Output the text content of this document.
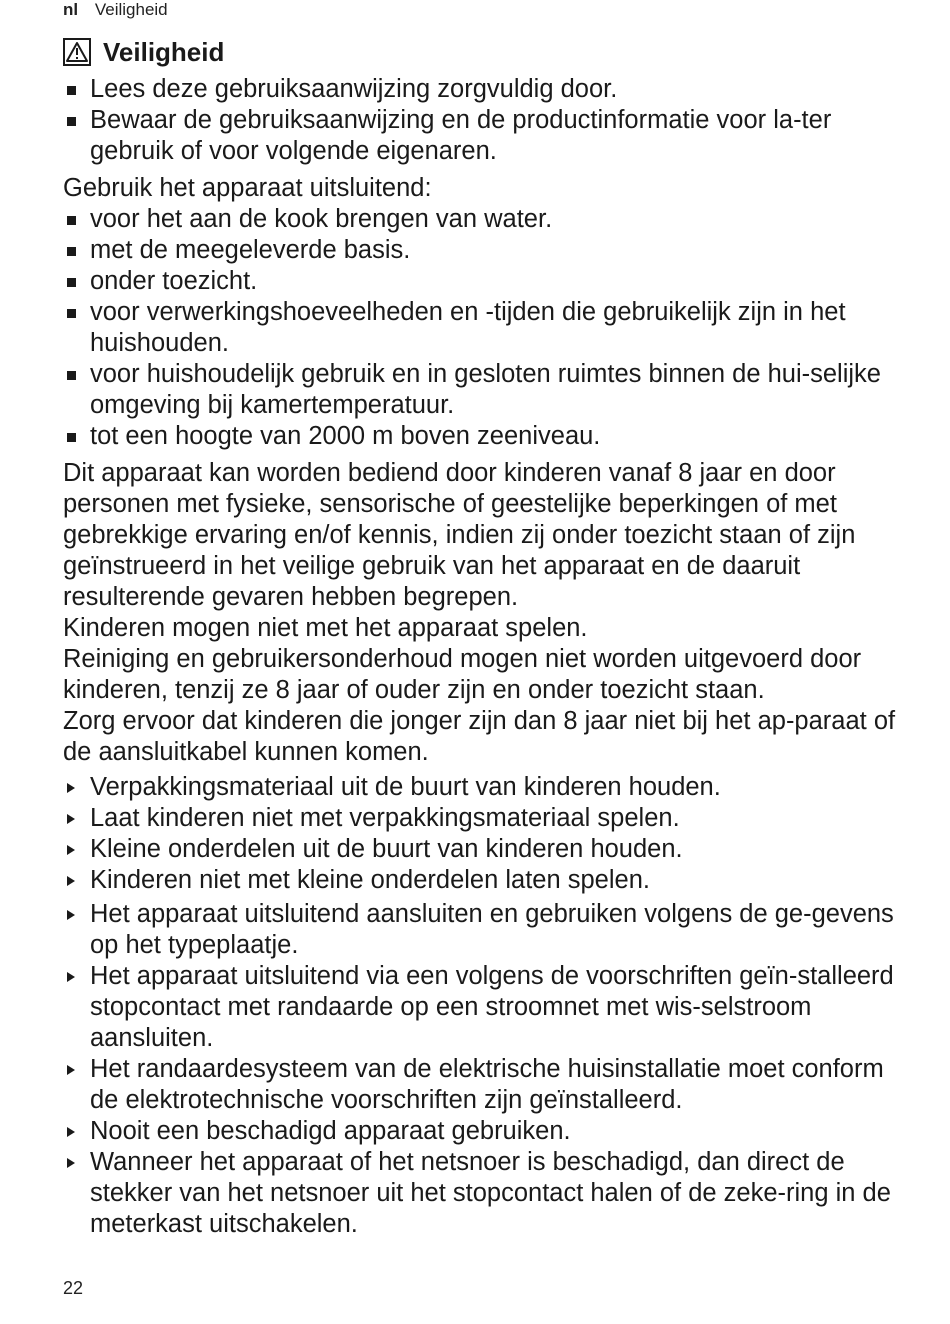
nl Veiligheid
Veiligheid
Lees deze gebruiksaanwijzing zorgvuldig door.
Bewaar de gebruiksaanwijzing en de productinformatie voor la-ter gebruik of voor volgende eigenaren.

Gebruik het apparaat uitsluitend:

voor het aan de kook brengen van water.
met de meegeleverde basis.
onder toezicht.
voor verwerkingshoeveelheden en -tijden die gebruikelijk zijn in het huishouden.
voor huishoudelijk gebruik en in gesloten ruimtes binnen de hui-selijke omgeving bij kamertemperatuur.
tot een hoogte van 2000 m boven zeeniveau.

Dit apparaat kan worden bediend door kinderen vanaf 8 jaar en door personen met fysieke, sensorische of geestelijke beperkingen of met gebrekkige ervaring en/of kennis, indien zij onder toezicht staan of zijn geïnstrueerd in het veilige gebruik van het apparaat en de daaruit resulterende gevaren hebben begrepen.

Kinderen mogen niet met het apparaat spelen.

Reiniging en gebruikersonderhoud mogen niet worden uitgevoerd door kinderen, tenzij ze 8 jaar of ouder zijn en onder toezicht staan.

Zorg ervoor dat kinderen die jonger zijn dan 8 jaar niet bij het ap-paraat of de aansluitkabel kunnen komen.

Verpakkingsmateriaal uit de buurt van kinderen houden.
Laat kinderen niet met verpakkingsmateriaal spelen.
Kleine onderdelen uit de buurt van kinderen houden.
Kinderen niet met kleine onderdelen laten spelen.
Het apparaat uitsluitend aansluiten en gebruiken volgens de ge-gevens op het typeplaatje.
Het apparaat uitsluitend via een volgens de voorschriften geïn-stalleerd stopcontact met randaarde op een stroomnet met wis-selstroom aansluiten.
Het randaardesysteem van de elektrische huisinstallatie moet conform de elektrotechnische voorschriften zijn geïnstalleerd.
Nooit een beschadigd apparaat gebruiken.
Wanneer het apparaat of het netsnoer is beschadigd, dan direct de stekker van het netsnoer uit het stopcontact halen of de zeke-ring in de meterkast uitschakelen.
22
